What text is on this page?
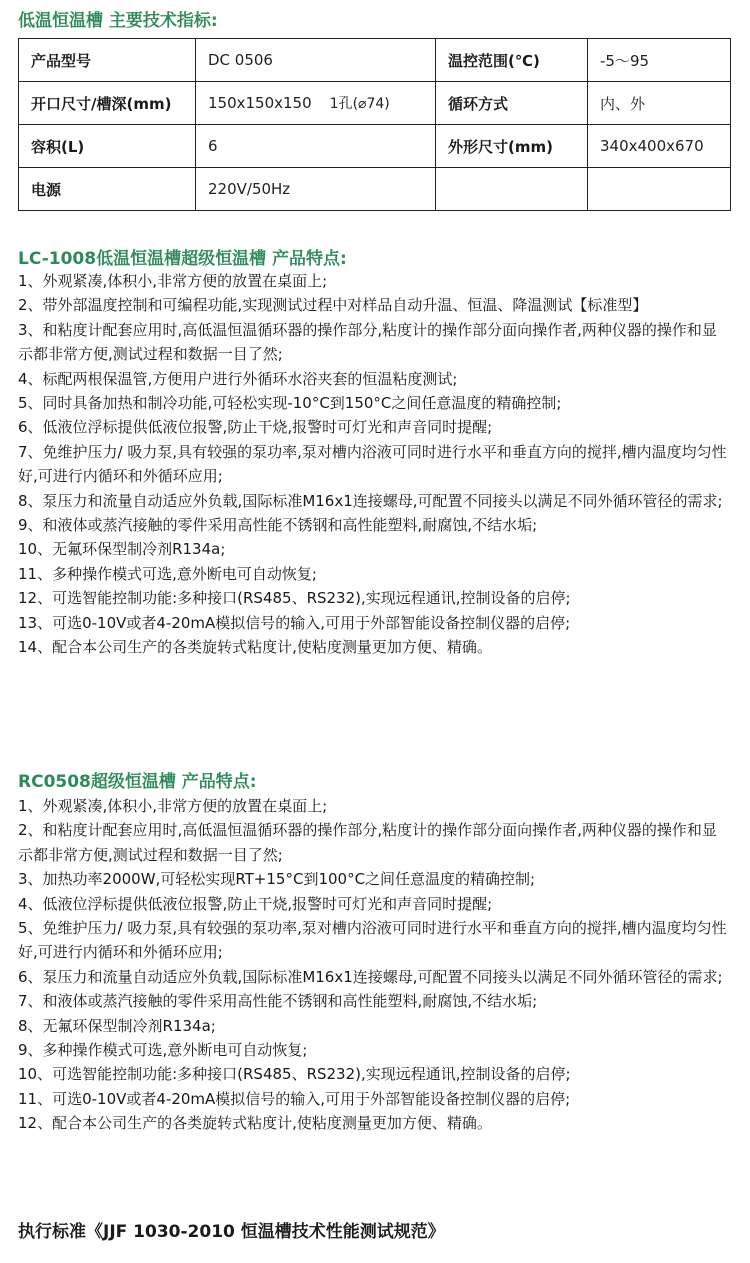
低温恒温槽 主要技术指标:
产品型号	DC 0506	温控范围(℃)	-5～95
开口尺寸/槽深(mm)	150x150x150 1孔(⌀74)	循环方式	内、外
容积(L)	6	外形尺寸(mm)	340x400x670
电源	220V/50Hz		
LC-1008低温恒温槽超级恒温槽 产品特点:
1、外观紧凑,体积小,非常方便的放置在桌面上;
2、带外部温度控制和可编程功能,实现测试过程中对样品自动升温、恒温、降温测试【标准型】
3、和粘度计配套应用时,高低温恒温循环器的操作部分,粘度计的操作部分面向操作者,两种仪器的操作和显示都非常方便,测试过程和数据一目了然;
4、标配两根保温管,方便用户进行外循环水浴夹套的恒温粘度测试;
5、同时具备加热和制冷功能,可轻松实现-10°C到150°C之间任意温度的精确控制;
6、低液位浮标提供低液位报警,防止干烧,报警时可灯光和声音同时提醒;
7、免维护压力/ 吸力泵,具有较强的泵功率,泵对槽内浴液可同时进行水平和垂直方向的搅拌,槽内温度均匀性好,可进行内循环和外循环应用;
8、泵压力和流量自动适应外负载,国际标准M16x1连接螺母,可配置不同接头以满足不同外循环管径的需求;
9、和液体或蒸汽接触的零件采用高性能不锈钢和高性能塑料,耐腐蚀,不结水垢;
10、无氟环保型制冷剂R134a;
11、多种操作模式可选,意外断电可自动恢复;
12、可选智能控制功能:多种接口(RS485、RS232),实现远程通讯,控制设备的启停;
13、可选0-10V或者4-20mA模拟信号的输入,可用于外部智能设备控制仪器的启停;
14、配合本公司生产的各类旋转式粘度计,使粘度测量更加方便、精确。
RC0508超级恒温槽 产品特点:
1、外观紧凑,体积小,非常方便的放置在桌面上;
2、和粘度计配套应用时,高低温恒温循环器的操作部分,粘度计的操作部分面向操作者,两种仪器的操作和显示都非常方便,测试过程和数据一目了然;
3、加热功率2000W,可轻松实现RT+15°C到100°C之间任意温度的精确控制;
4、低液位浮标提供低液位报警,防止干烧,报警时可灯光和声音同时提醒;
5、免维护压力/ 吸力泵,具有较强的泵功率,泵对槽内浴液可同时进行水平和垂直方向的搅拌,槽内温度均匀性好,可进行内循环和外循环应用;
6、泵压力和流量自动适应外负载,国际标准M16x1连接螺母,可配置不同接头以满足不同外循环管径的需求;
7、和液体或蒸汽接触的零件采用高性能不锈钢和高性能塑料,耐腐蚀,不结水垢;
8、无氟环保型制冷剂R134a;
9、多种操作模式可选,意外断电可自动恢复;
10、可选智能控制功能:多种接口(RS485、RS232),实现远程通讯,控制设备的启停;
11、可选0-10V或者4-20mA模拟信号的输入,可用于外部智能设备控制仪器的启停;
12、配合本公司生产的各类旋转式粘度计,使粘度测量更加方便、精确。

执行标准《JJF 1030-2010 恒温槽技术性能测试规范》
